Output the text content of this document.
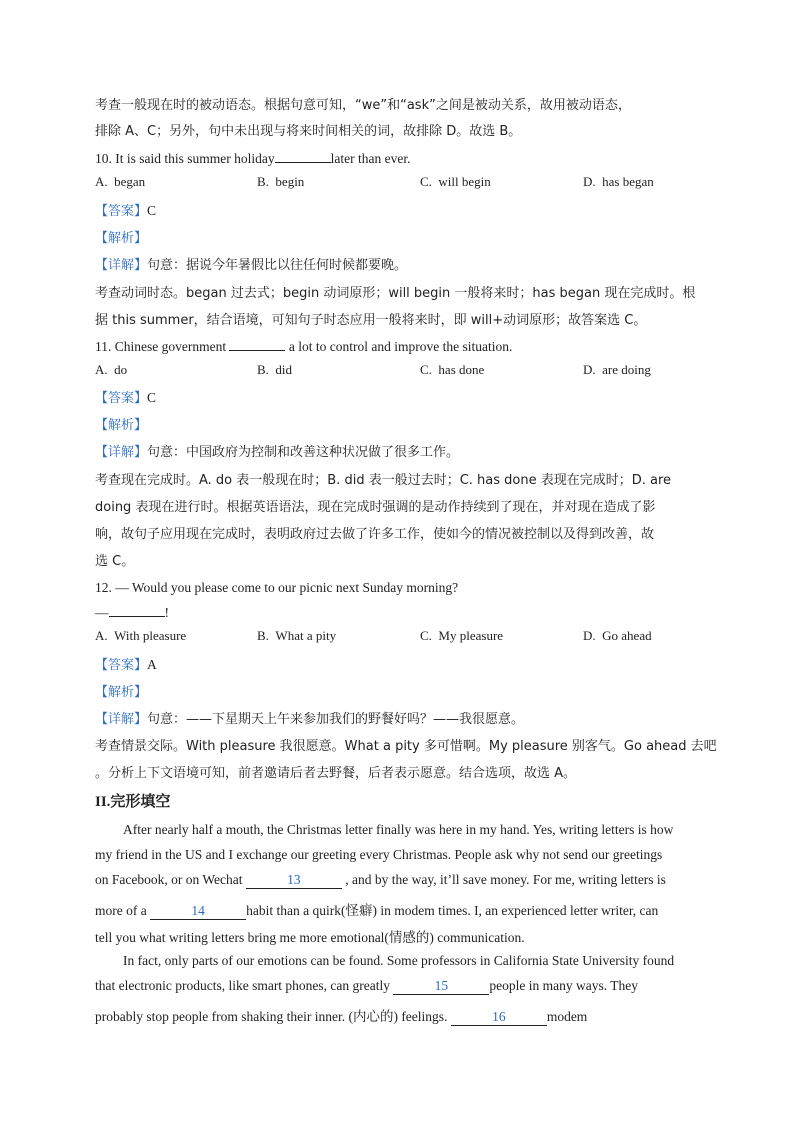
考查一般现在时的被动语态。根据句意可知，“we”和“ask”之间是被动关系，故用被动语态，
排除 A、C；另外，句中未出现与将来时间相关的词，故排除 D。故选 B。
10. It is said this summer holiday	later than ever.
A. began	B. begin	C. will begin	D. has began
【答案】C
【解析】
【详解】句意：据说今年暑假比以往任何时候都要晚。
考查动词时态。began 过去式；begin 动词原形；will begin 一般将来时；has began 现在完成时。根
据 this summer，结合语境，可知句子时态应用一般将来时，即 will+动词原形；故答案选 C。
11. Chinese government	a lot to control and improve the situation.
A. do	B. did	C. has done	D. are doing
【答案】C
【解析】
【详解】句意：中国政府为控制和改善这种状况做了很多工作。
考查现在完成时。A. do 表一般现在时；B. did 表一般过去时；C. has done 表现在完成时；D. are
doing 表现在进行时。根据英语语法，现在完成时强调的是动作持续到了现在，并对现在造成了影
响，故句子应用现在完成时，表明政府过去做了许多工作，使如今的情况被控制以及得到改善，故
选 C。
12. — Would you please come to our picnic next Sunday morning?
—	!
A. With pleasure	B. What a pity	C. My pleasure	D. Go ahead
【答案】A
【解析】
【详解】句意：——下星期天上午来参加我们的野餐好吗？——我很愿意。
考查情景交际。With pleasure 我很愿意。What a pity 多可惜啊。My pleasure 别客气。Go ahead 去吧
。分析上下文语境可知，前者邀请后者去野餐，后者表示愿意。结合选项，故选 A。
II.完形填空
After nearly half a mouth, the Christmas letter finally was here in my hand. Yes, writing letters is how
my friend in the US and I exchange our greeting every Christmas. People ask why not send our greetings
on Facebook, or on Wechat	13	, and by the way, it’ll save money. For me, writing letters is
more of a	14	habit than a quirk(怪癖) in modem times. I, an experienced letter writer, can
tell you what writing letters bring me more emotional(情感的) communication.
In fact, only parts of our emotions can be found. Some professors in California State University found
that electronic products, like smart phones, can greatly	15	people in many ways. They
probably stop people from shaking their inner. (内心的) feelings.	16	modem
